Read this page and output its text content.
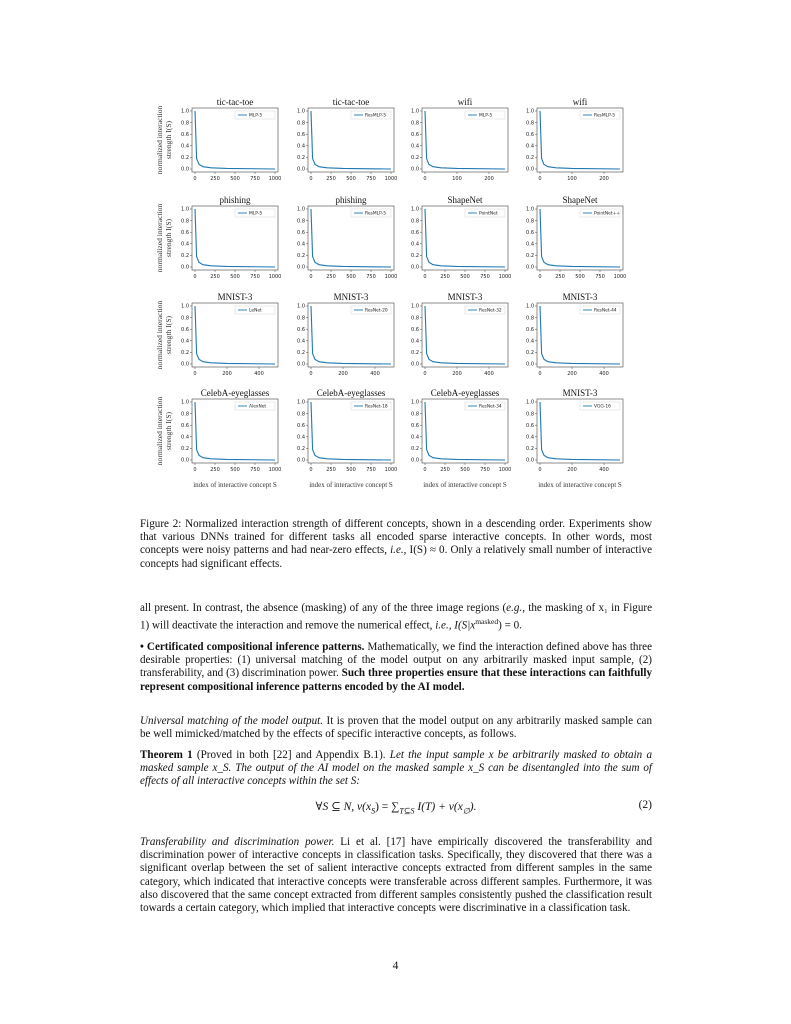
tic-tac-toe
0.0
0.2
0.4
0.6
0.8
1.0
0	250 500 750 1000
MLP-5
normalized interaction strength I(S)
tic-tac-toe
0.0
0.2
0.4
0.6
0.8
1.0
0	250 500 750 1000
ResMLP-5
wifi
0.0
0.2
0.4
0.6
0.8
1.0
0	100	200
MLP-5
wifi
0.0
0.2
0.4
0.6
0.8
1.0
0	100	200
ResMLP-5
phishing
0.0
0.2
0.4
0.6
0.8
1.0
0	250 500 750 1000
MLP-5
normalized interaction strength I(S)
phishing
0.0
0.2
0.4
0.6
0.8
1.0
0	250 500 750 1000
ResMLP-5
ShapeNet
0.0
0.2
0.4
0.6
0.8
1.0
0	250 500 750 1000
PointNet
ShapeNet
0.0
0.2
0.4
0.6
0.8
1.0
0	250 500 750 1000
PointNet++
MNIST-3
0.0
0.2
0.4
0.6
0.8
1.0
0	200	400
LeNet
normalized interaction strength I(S)
MNIST-3
0.0
0.2
0.4
0.6
0.8
1.0
0	200	400
ResNet-20
MNIST-3
0.0
0.2
0.4
0.6
0.8
1.0
0	200	400
ResNet-32
MNIST-3
0.0
0.2
0.4
0.6
0.8
1.0
0	200	400
ResNet-44
CelebA-eyeglasses
0.0
0.2
0.4
0.6
0.8
1.0
0	250 500 750 1000
AlexNet
normalized interaction strength I(S)
index of interactive concept S
CelebA-eyeglasses
0.0
0.2
0.4
0.6
0.8
1.0
0	250 500 750 1000
ResNet-18
index of interactive concept S
CelebA-eyeglasses
0.0
0.2
0.4
0.6
0.8
1.0
0	250 500 750 1000
ResNet-34
index of interactive concept S
MNIST-3
0.0
0.2
0.4
0.6
0.8
1.0
0	200	400
VGG-16
index of interactive concept S

Figure 2: Normalized interaction strength of different concepts, shown in a descending order. Experiments show that various DNNs trained for different tasks all encoded sparse interactive concepts. In other words, most concepts were noisy patterns and had near-zero effects, i.e., I(S) ≈ 0. Only a relatively small number of interactive concepts had significant effects.

all present. In contrast, the absence (masking) of any of the three image regions (e.g., the masking of x₁ in Figure 1) will deactivate the interaction and remove the numerical effect, i.e., $I(S|x^{masked}) = 0$.

• Certificated compositional inference patterns. Mathematically, we find the interaction defined above has three desirable properties: (1) universal matching of the model output on any arbitrarily masked input sample, (2) transferability, and (3) discrimination power. Such three properties ensure that these interactions can faithfully represent compositional inference patterns encoded by the AI model.

Universal matching of the model output. It is proven that the model output on any arbitrarily masked sample can be well mimicked/matched by the effects of specific interactive concepts, as follows.

Theorem 1 (Proved in both [22] and Appendix B.1). Let the input sample x be arbitrarily masked to obtain a masked sample x_S. The output of the AI model on the masked sample x_S can be disentangled into the sum of effects of all interactive concepts within the set S:

∀S ⊆ N, $v(x_S) = \sum_{T⊆S}$ $I(T) + v(x_\emptyset)$.	(2)

Transferability and discrimination power. Li et al. [17] have empirically discovered the transferability and discrimination power of interactive concepts in classification tasks. Specifically, they discovered that there was a significant overlap between the set of salient interactive concepts extracted from different samples in the same category, which indicated that interactive concepts were transferable across different samples. Furthermore, it was also discovered that the same concept extracted from different samples consistently pushed the classification result towards a certain category, which implied that interactive concepts were discriminative in a classification task.

4
